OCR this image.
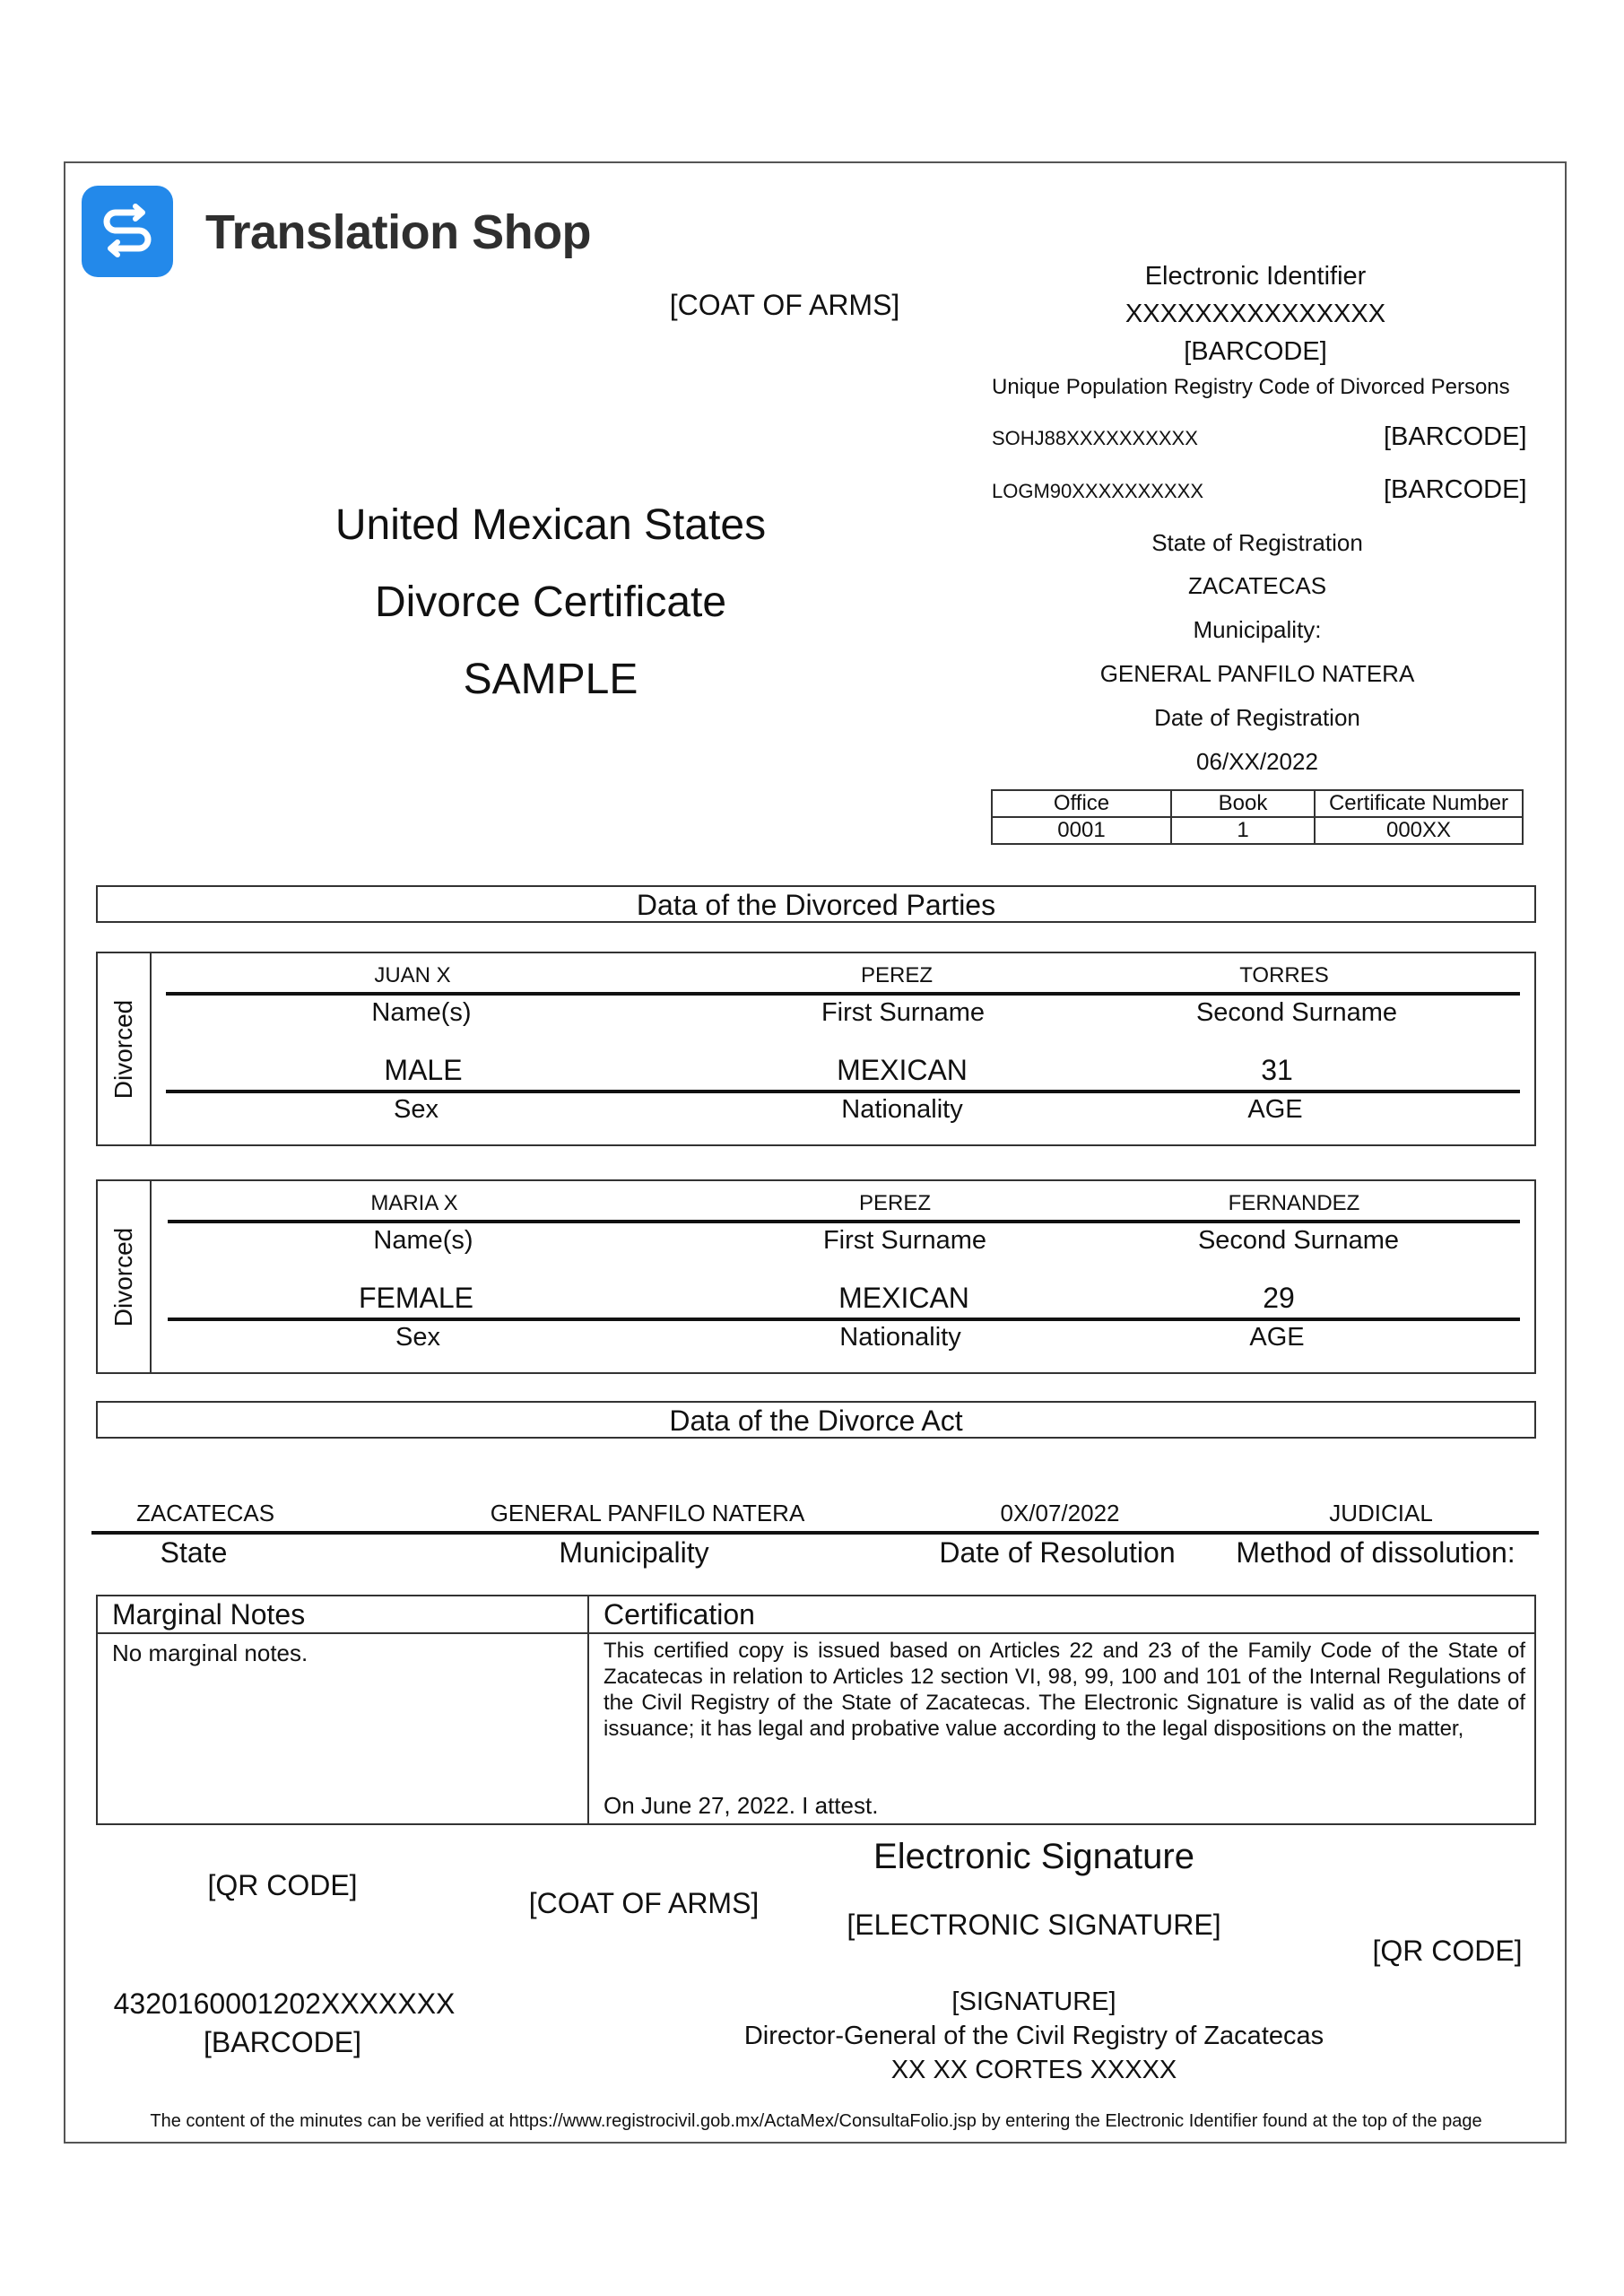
Translation Shop
[COAT OF ARMS]
Electronic Identifier
XXXXXXXXXXXXXXX
[BARCODE]
Unique Population Registry Code of Divorced Persons
SOHJ88XXXXXXXXXX	[BARCODE]
LOGM90XXXXXXXXXX	[BARCODE]
United Mexican States
Divorce Certificate
SAMPLE
State of Registration
ZACATECAS
Municipality:
GENERAL PANFILO NATERA
Date of Registration
06/XX/2022
Office	Book	Certificate Number
0001	1	000XX
Data of the Divorced Parties
Divorced
JUAN X	PEREZ	TORRES
Name(s)	First Surname	Second Surname
MALE	MEXICAN	31
Sex	Nationality	AGE
Divorced
MARIA X	PEREZ	FERNANDEZ
Name(s)	First Surname	Second Surname
FEMALE	MEXICAN	29
Sex	Nationality	AGE
Data of the Divorce Act
ZACATECAS	GENERAL PANFILO NATERA	0X/07/2022	JUDICIAL
State	Municipality	Date of Resolution	Method of dissolution:
Marginal Notes
No marginal notes.
Certification
This certified copy is issued based on Articles 22 and 23 of the Family Code of the State of Zacatecas in relation to Articles 12 section VI, 98, 99, 100 and 101 of the Internal Regulations of the Civil Registry of the State of Zacatecas. The Electronic Signature is valid as of the date of issuance; it has legal and probative value according to the legal dispositions on the matter,
On June 27, 2022. I attest.
[QR CODE]
[COAT OF ARMS]
Electronic Signature
[ELECTRONIC SIGNATURE]
[QR CODE]
4320160001202XXXXXXX
[BARCODE]
[SIGNATURE]
Director-General of the Civil Registry of Zacatecas
XX XX CORTES XXXXX
The content of the minutes can be verified at https://www.registrocivil.gob.mx/ActaMex/ConsultaFolio.jsp by entering the Electronic Identifier found at the top of the page
